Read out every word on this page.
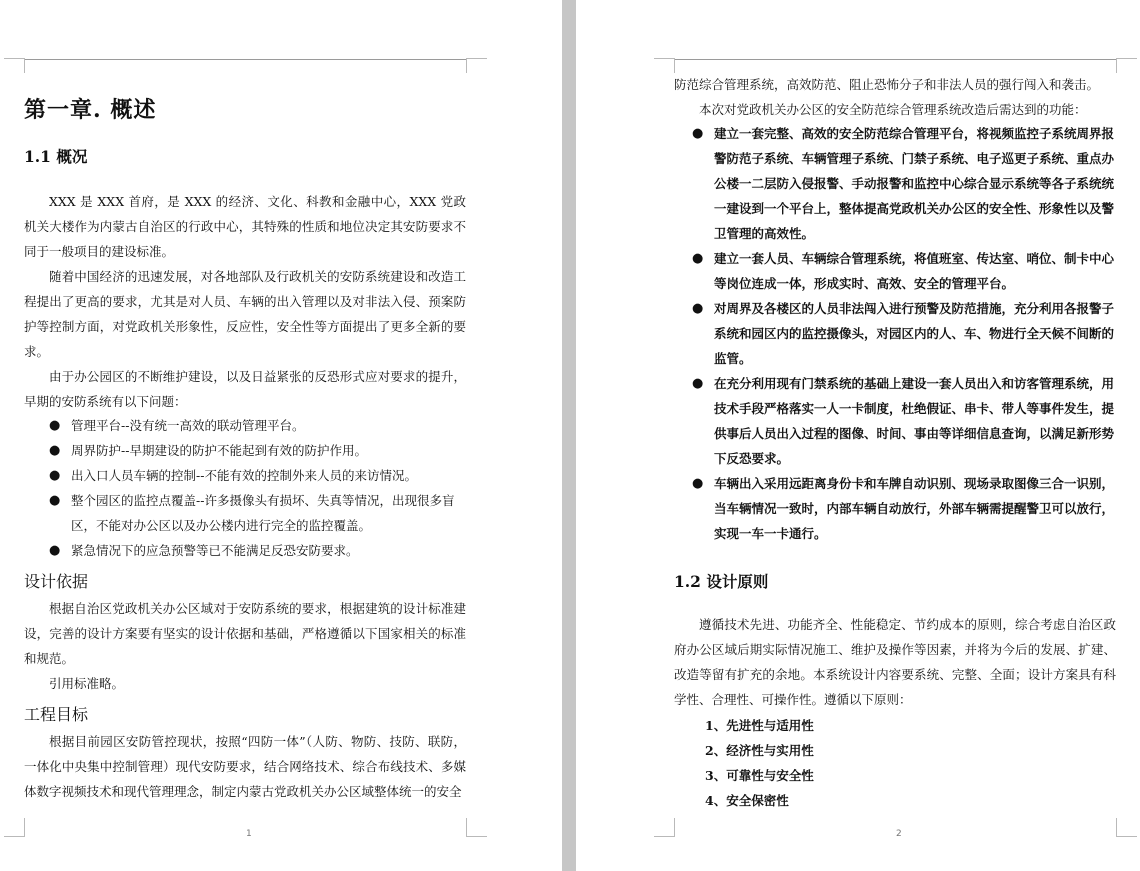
第一章. 概述
1.1 概况

XXX 是 XXX 首府，是 XXX 的经济、文化、科教和金融中心，XXX 党政机关大楼作为内蒙古自治区的行政中心，其特殊的性质和地位决定其安防要求不同于一般项目的建设标准。

随着中国经济的迅速发展，对各地部队及行政机关的安防系统建设和改造工程提出了更高的要求，尤其是对人员、车辆的出入管理以及对非法入侵、预案防护等控制方面，对党政机关形象性，反应性，安全性等方面提出了更多全新的要求。

由于办公园区的不断维护建设，以及日益紧张的反恐形式应对要求的提升，早期的安防系统有以下问题：

● 管理平台--没有统一高效的联动管理平台。
● 周界防护--早期建设的防护不能起到有效的防护作用。
● 出入口人员车辆的控制--不能有效的控制外来人员的来访情况。
● 整个园区的监控点覆盖--许多摄像头有损坏、失真等情况，出现很多盲区，不能对办公区以及办公楼内进行完全的监控覆盖。
● 紧急情况下的应急预警等已不能满足反恐安防要求。
设计依据

根据自治区党政机关办公区域对于安防系统的要求，根据建筑的设计标准建设，完善的设计方案要有坚实的设计依据和基础，严格遵循以下国家相关的标准和规范。

引用标准略。

工程目标

根据目前园区安防管控现状，按照“四防一体”（人防、物防、技防、联防，一体化中央集中控制管理）现代安防要求，结合网络技术、综合布线技术、多媒体数字视频技术和现代管理理念，制定内蒙古党政机关办公区域整体统一的安全

1

防范综合管理系统，高效防范、阻止恐怖分子和非法人员的强行闯入和袭击。

本次对党政机关办公区的安全防范综合管理系统改造后需达到的功能：

● 建立一套完整、高效的安全防范综合管理平台，将视频监控子系统周界报警防范子系统、车辆管理子系统、门禁子系统、电子巡更子系统、重点办公楼一二层防入侵报警、手动报警和监控中心综合显示系统等各子系统统一建设到一个平台上，整体提高党政机关办公区的安全性、形象性以及警卫管理的高效性。
● 建立一套人员、车辆综合管理系统，将值班室、传达室、哨位、制卡中心等岗位连成一体，形成实时、高效、安全的管理平台。
● 对周界及各楼区的人员非法闯入进行预警及防范措施，充分利用各报警子系统和园区内的监控摄像头，对园区内的人、车、物进行全天候不间断的监管。
● 在充分利用现有门禁系统的基础上建设一套人员出入和访客管理系统，用技术手段严格落实一人一卡制度，杜绝假证、串卡、带人等事件发生，提供事后人员出入过程的图像、时间、事由等详细信息查询，以满足新形势下反恐要求。
● 车辆出入采用远距离身份卡和车牌自动识别、现场录取图像三合一识别，当车辆情况一致时，内部车辆自动放行，外部车辆需提醒警卫可以放行，实现一车一卡通行。
1.2 设计原则

遵循技术先进、功能齐全、性能稳定、节约成本的原则，综合考虑自治区政府办公区域后期实际情况施工、维护及操作等因素，并将为今后的发展、扩建、改造等留有扩充的余地。本系统设计内容要系统、完整、全面；设计方案具有科学性、合理性、可操作性。遵循以下原则：

1、先进性与适用性
2、经济性与实用性
3、可靠性与安全性
4、安全保密性
2
